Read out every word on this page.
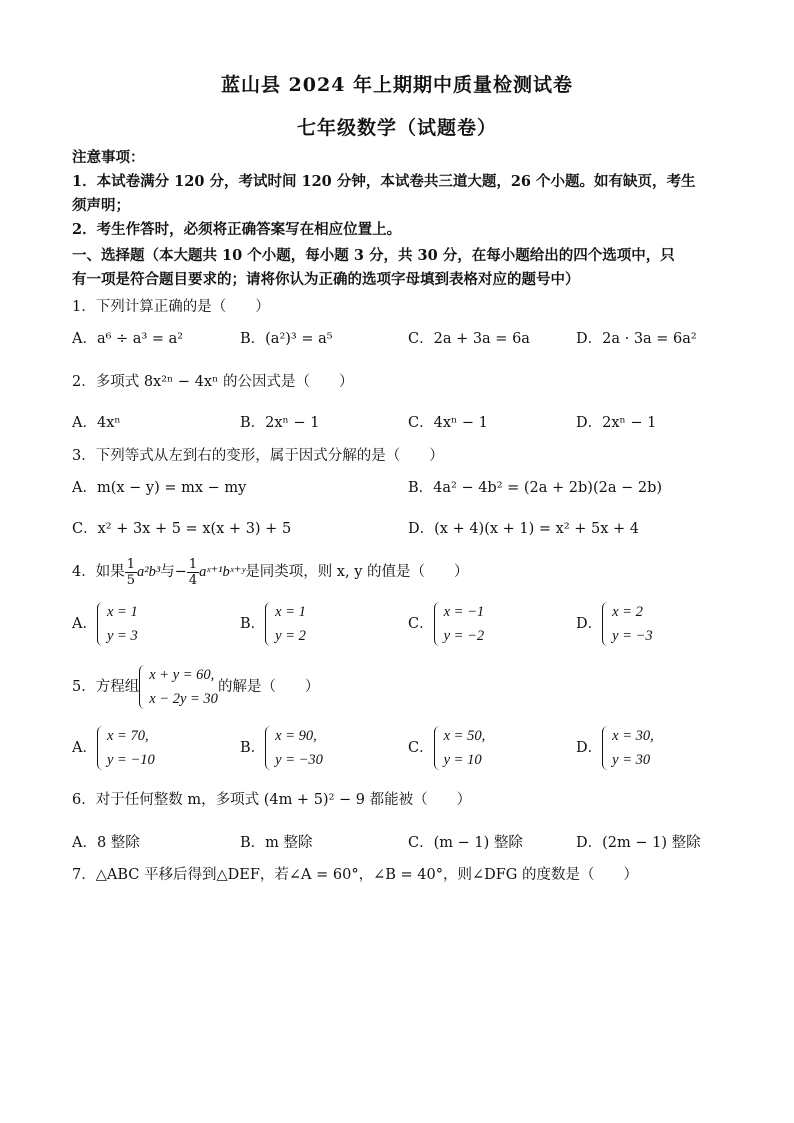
蓝山县 2024 年上期期中质量检测试卷
七年级数学（试题卷）
注意事项：
1．本试卷满分 120 分，考试时间 120 分钟，本试卷共三道大题，26 个小题。如有缺页，考生
须声明；
2．考生作答时，必须将正确答案写在相应位置上。
一、选择题（本大题共 10 个小题，每小题 3 分，共 30 分，在每小题给出的四个选项中，只
有一项是符合题目要求的；请将你认为正确的选项字母填到表格对应的题号中）
1．下列计算正确的是（　　）
A．a⁶ ÷ a³ = a²	B．(a²)³ = a⁵	C．2a + 3a = 6a	D．2a · 3a = 6a²
2．多项式 8x²ⁿ − 4xⁿ 的公因式是（　　）
A．4xⁿ	B．2xⁿ − 1	C．4xⁿ − 1	D．2xⁿ − 1
3．下列等式从左到右的变形，属于因式分解的是（　　）
A．m(x − y) = mx − my	B．4a² − 4b² = (2a + 2b)(2a − 2b)
C．x² + 3x + 5 = x(x + 3) + 5	D．(x + 4)(x + 1) = x² + 5x + 4
4．如果 $\frac{1}{5} a^2b^3$ 与− $\frac{1}{4}$ aˣ⁺¹bˣ⁺ʸ 是同类项，则 x, y 的值是（　　）
A．
x = 1
y = 3
B．
x = 1
y = 2
C．
x = −1
y = −2
D．
x = 2
y = −3
5．方程组
x + y = 60,
x − 2y = 30
的解是（　　）
A．
x = 70,
y = −10
B．
x = 90,
y = −30
C．
x = 50,
y = 10
D．
x = 30,
y = 30
6．对于任何整数 m，多项式 (4m + 5)² − 9 都能被（　　）
A．8 整除	B．m 整除	C．(m − 1) 整除	D．(2m − 1) 整除
7．△ABC 平移后得到△DEF，若∠A = 60°，∠B = 40°，则∠DFG 的度数是（　　）
